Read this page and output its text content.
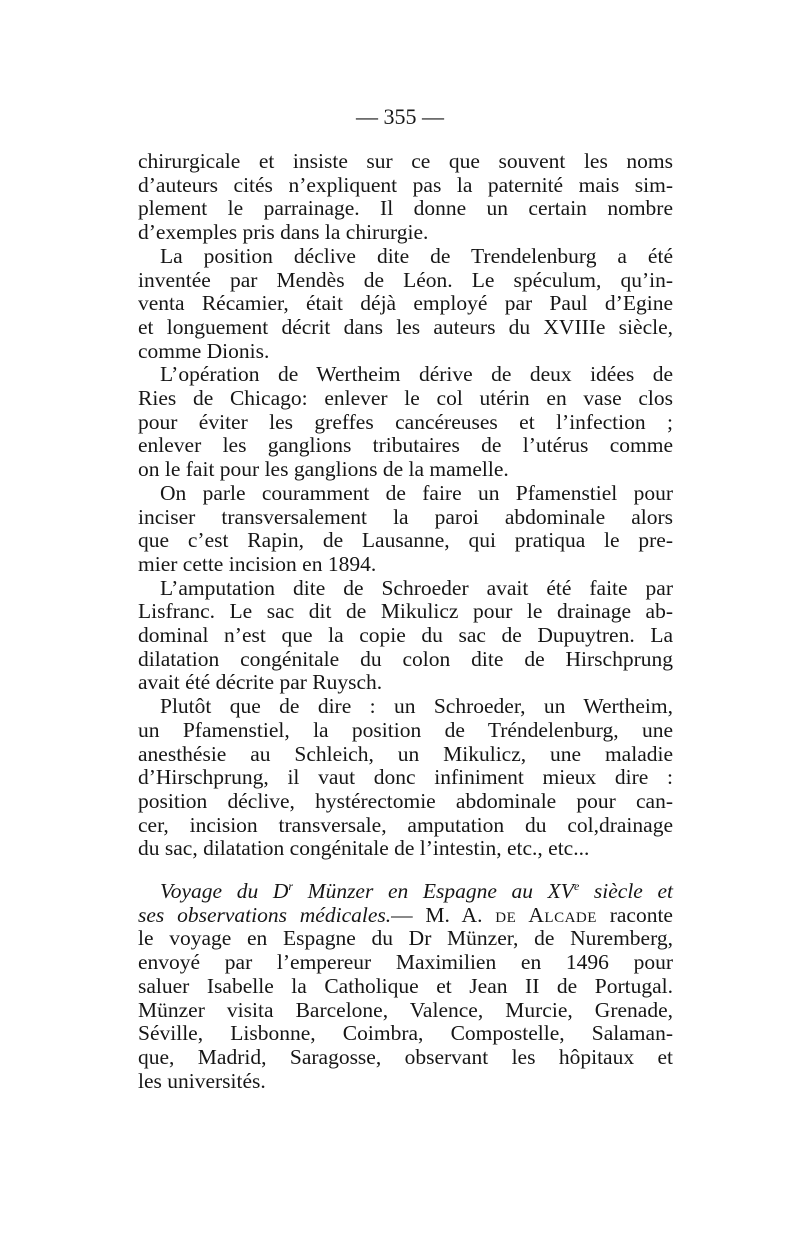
— 355 —
chirurgicale et insiste sur ce que souvent les noms
d’auteurs cités n’expliquent pas la paternité mais sim-
plement le parrainage. Il donne un certain nombre
d’exemples pris dans la chirurgie.
La position déclive dite de Trendelenburg a été
inventée par Mendès de Léon. Le spéculum, qu’in-
venta Récamier, était déjà employé par Paul d’Egine
et longuement décrit dans les auteurs du XVIIIe siècle,
comme Dionis.
L’opération de Wertheim dérive de deux idées de
Ries de Chicago: enlever le col utérin en vase clos
pour éviter les greffes cancéreuses et l’infection ;
enlever les ganglions tributaires de l’utérus comme
on le fait pour les ganglions de la mamelle.
On parle couramment de faire un Pfamenstiel pour
inciser transversalement la paroi abdominale alors
que c’est Rapin, de Lausanne, qui pratiqua le pre-
mier cette incision en 1894.
L’amputation dite de Schroeder avait été faite par
Lisfranc. Le sac dit de Mikulicz pour le drainage ab-
dominal n’est que la copie du sac de Dupuytren. La
dilatation congénitale du colon dite de Hirschprung
avait été décrite par Ruysch.
Plutôt que de dire : un Schroeder, un Wertheim,
un Pfamenstiel, la position de Tréndelenburg, une
anesthésie au Schleich, un Mikulicz, une maladie
d’Hirschprung, il vaut donc infiniment mieux dire :
position déclive, hystérectomie abdominale pour can-
cer, incision transversale, amputation du col,drainage
du sac, dilatation congénitale de l’intestin, etc., etc...
Voyage du $D^r$ Münzer en Espagne au XVe siècle et
ses observations médicales.— M. A. de Alcade raconte
le voyage en Espagne du Dr Münzer, de Nuremberg,
envoyé par l’empereur Maximilien en 1496 pour
saluer Isabelle la Catholique et Jean II de Portugal.
Münzer visita Barcelone, Valence, Murcie, Grenade,
Séville, Lisbonne, Coimbra, Compostelle, Salaman-
que, Madrid, Saragosse, observant les hôpitaux et
les universités.
